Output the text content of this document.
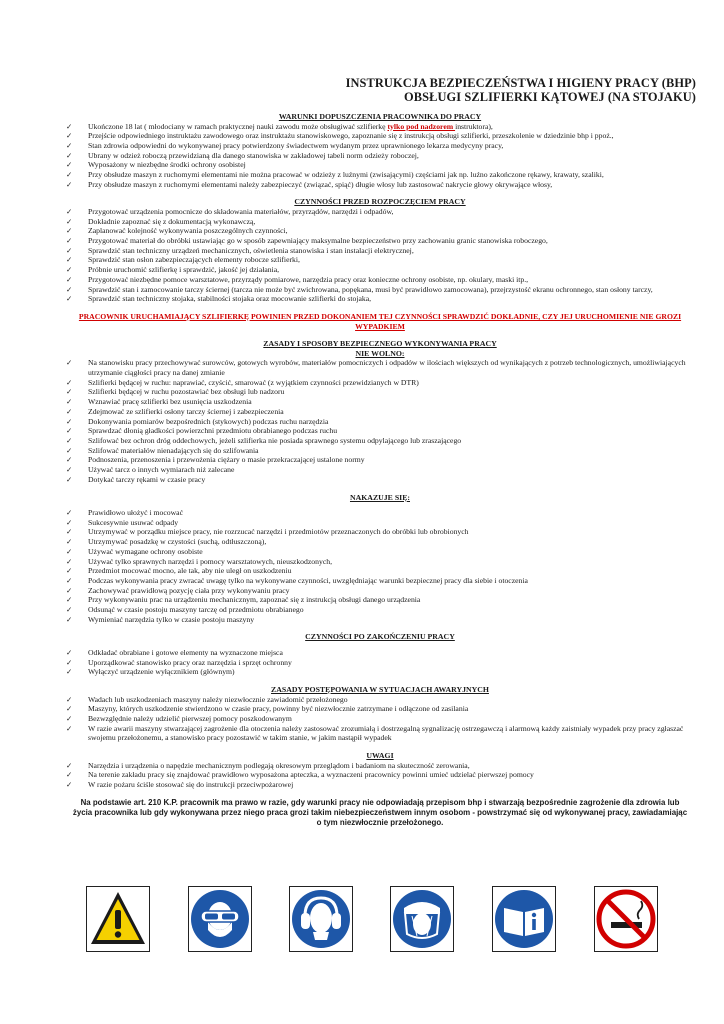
INSTRUKCJA BEZPIECZEŃSTWA I HIGIENY PRACY (BHP)
OBSŁUGI SZLIFIERKI KĄTOWEJ (NA STOJAKU)
WARUNKI DOPUSZCZENIA PRACOWNIKA DO PRACY
✓ Ukończone 18 lat ( młodociany w ramach praktycznej nauki zawodu może obsługiwać szlifierkę tylko pod nadzorem instruktora),
✓ Przejście odpowiedniego instruktażu zawodowego oraz instruktażu stanowiskowego, zapoznanie się z instrukcją obsługi szlifierki, przeszkolenie w dziedzinie bhp i ppoż.,
✓ Stan zdrowia odpowiedni do wykonywanej pracy potwierdzony świadectwem wydanym przez uprawnionego lekarza medycyny pracy,
✓ Ubrany w odzież roboczą przewidzianą dla danego stanowiska w zakładowej tabeli norm odzieży roboczej,
✓ Wyposażony w niezbędne środki ochrony osobistej
✓ Przy obsłudze maszyn z ruchomymi elementami nie można pracować w odzieży z luźnymi (zwisającymi) częściami jak np. luźno zakończone rękawy, krawaty, szaliki,
✓ Przy obsłudze maszyn z ruchomymi elementami należy zabezpieczyć (związać, spiąć) długie włosy lub zastosować nakrycie głowy okrywające włosy,
CZYNNOŚCI PRZED ROZPOCZĘCIEM PRACY
✓ Przygotować urządzenia pomocnicze do składowania materiałów, przyrządów, narzędzi i odpadów,
✓ Dokładnie zapoznać się z dokumentacją wykonawczą,
✓ Zaplanować kolejność wykonywania poszczególnych czynności,
✓ Przygotować materiał do obróbki ustawiając go w sposób zapewniający maksymalne bezpieczeństwo przy zachowaniu granic stanowiska roboczego,
✓ Sprawdzić stan techniczny urządzeń mechanicznych, oświetlenia stanowiska i stan instalacji elektrycznej,
✓ Sprawdzić stan osłon zabezpieczających elementy robocze szlifierki,
✓ Próbnie uruchomić szlifierkę i sprawdzić, jakość jej działania,
✓ Przygotować niezbędne pomoce warsztatowe, przyrządy pomiarowe, narzędzia pracy oraz konieczne ochrony osobiste, np. okulary, maski itp.,
✓ Sprawdzić stan i zamocowanie tarczy ściernej (tarcza nie może być zwichrowana, popękana, musi być prawidłowo zamocowana), przejrzystość ekranu ochronnego, stan osłony tarczy,
✓ Sprawdzić stan techniczny stojaka, stabilności stojaka oraz mocowanie szlifierki do stojaka,
PRACOWNIK URUCHAMIAJĄCY SZLIFIERKĘ POWINIEN PRZED DOKONANIEM TEJ CZYNNOŚCI SPRAWDZIĆ DOKŁADNIE, CZY JEJ URUCHOMIENIE NIE GROZI WYPADKIEM
ZASADY I SPOSOBY BEZPIECZNEGO WYKONYWANIA PRACY
NIE WOLNO:
✓ Na stanowisku pracy przechowywać surowców, gotowych wyrobów, materiałów pomocniczych i odpadów w ilościach większych od wynikających z potrzeb technologicznych, umożliwiających utrzymanie ciągłości pracy na danej zmianie
✓ Szlifierki będącej w ruchu: naprawiać, czyścić, smarować (z wyjątkiem czynności przewidzianych w DTR)
✓ Szlifierki będącej w ruchu pozostawiać bez obsługi lub nadzoru
✓ Wznawiać pracę szlifierki bez usunięcia uszkodzenia
✓ Zdejmować ze szlifierki osłony tarczy ściernej i zabezpieczenia
✓ Dokonywania pomiarów bezpośrednich (stykowych) podczas ruchu narzędzia
✓ Sprawdzać dłonią gładkości powierzchni przedmiotu obrabianego podczas ruchu
✓ Szlifować bez ochron dróg oddechowych, jeżeli szlifierka nie posiada sprawnego systemu odpylającego lub zraszającego
✓ Szlifować materiałów nienadających się do szlifowania
✓ Podnoszenia, przenoszenia i przewożenia ciężary o masie przekraczającej ustalone normy
✓ Używać tarcz o innych wymiarach niż zalecane
✓ Dotykać tarczy rękami w czasie pracy
NAKAZUJE SIĘ:
✓ Prawidłowo ułożyć i mocować
✓ Sukcesywnie usuwać odpady
✓ Utrzymywać w porządku miejsce pracy, nie rozrzucać narzędzi i przedmiotów przeznaczonych do obróbki lub obrobionych
✓ Utrzymywać posadzkę w czystości (suchą, odtłuszczoną),
✓ Używać wymagane ochrony osobiste
✓ Używać tylko sprawnych narzędzi i pomocy warsztatowych, nieuszkodzonych,
✓ Przedmiot mocować mocno, ale tak, aby nie uległ on uszkodzeniu
✓ Podczas wykonywania pracy zwracać uwagę tylko na wykonywane czynności, uwzględniając warunki bezpiecznej pracy dla siebie i otoczenia
✓ Zachowywać prawidłową pozycję ciała przy wykonywaniu pracy
✓ Przy wykonywaniu prac na urządzeniu mechanicznym, zapoznać się z instrukcją obsługi danego urządzenia
✓ Odsunąć w czasie postoju maszyny tarczę od przedmiotu obrabianego
✓ Wymieniać narzędzia tylko w czasie postoju maszyny
CZYNNOŚCI PO ZAKOŃCZENIU PRACY
✓ Odkładać obrabiane i gotowe elementy na wyznaczone miejsca
✓ Uporządkować stanowisko pracy oraz narzędzia i sprzęt ochronny
✓ Wyłączyć urządzenie wyłącznikiem (głównym)
ZASADY POSTĘPOWANIA W SYTUACJACH AWARYJNYCH
✓ Wadach lub uszkodzeniach maszyny należy niezwłocznie zawiadomić przełożonego
✓ Maszyny, których uszkodzenie stwierdzono w czasie pracy, powinny być niezwłocznie zatrzymane i odłączone od zasilania
✓ Bezwzględnie należy udzielić pierwszej pomocy poszkodowanym
✓ W razie awarii maszyny stwarzającej zagrożenie dla otoczenia należy zastosować zrozumiałą i dostrzegalną sygnalizację ostrzegawczą i alarmową każdy zaistniały wypadek przy pracy zgłaszać swojemu przełożonemu, a stanowisko pracy pozostawić w takim stanie, w jakim nastąpił wypadek
UWAGI
✓ Narzędzia i urządzenia o napędzie mechanicznym podlegają okresowym przeglądom i badaniom na skuteczność zerowania,
✓ Na terenie zakładu pracy się znajdować prawidłowo wyposażona apteczka, a wyznaczeni pracownicy powinni umieć udzielać pierwszej pomocy
✓ W razie pożaru ściśle stosować się do instrukcji przeciwpożarowej
Na podstawie art. 210 K.P. pracownik ma prawo w razie, gdy warunki pracy nie odpowiadają przepisom bhp i stwarzają bezpośrednie zagrożenie dla zdrowia lub życia pracownika lub gdy wykonywana przez niego praca grozi takim niebezpieczeństwem innym osobom - powstrzymać się od wykonywanej pracy, zawiadamiając o tym niezwłocznie przełożonego.
